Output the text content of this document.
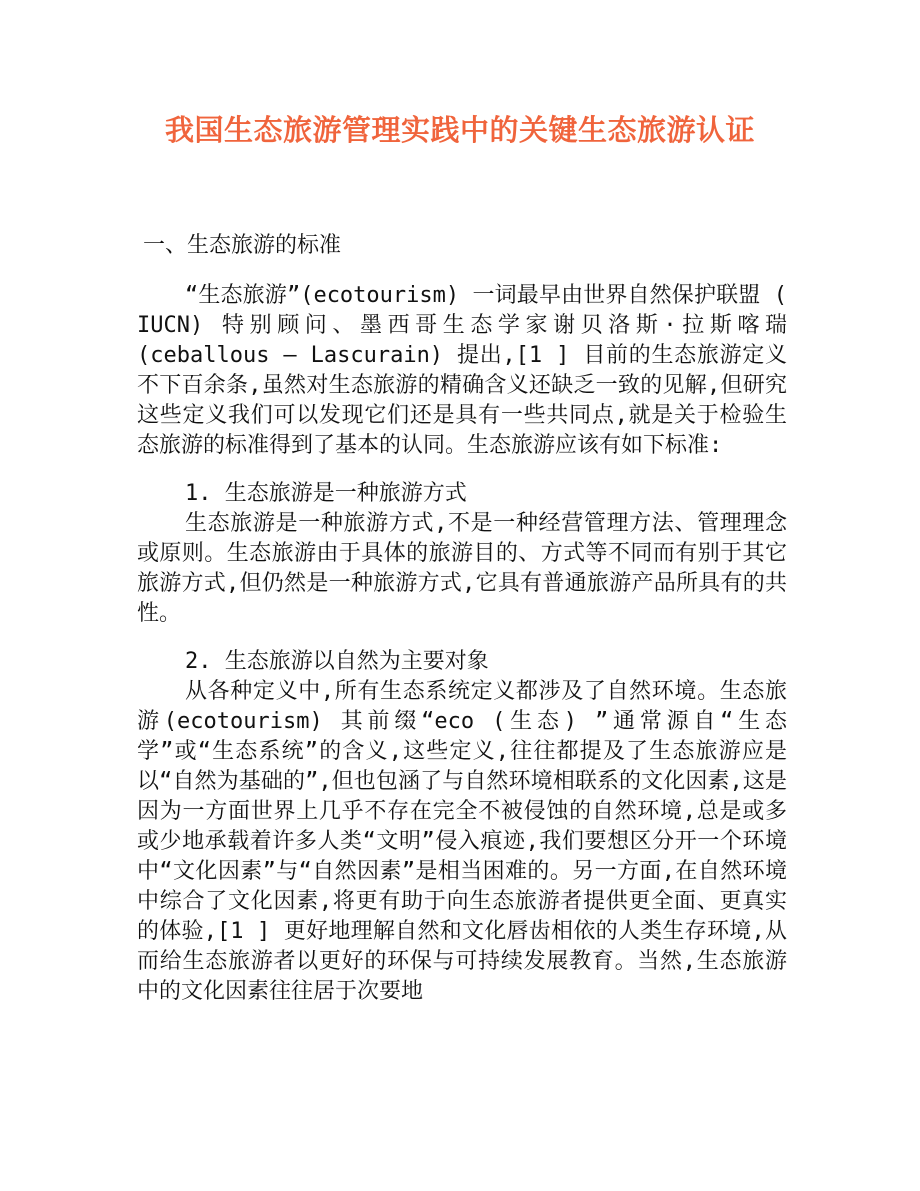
我国生态旅游管理实践中的关键生态旅游认证
一、生态旅游的标准

“生态旅游”(ecotourism) 一词最早由世界自然保护联盟 ( IUCN) 特别顾问、墨西哥生态学家谢贝洛斯·拉斯喀瑞 (ceballous – Lascurain) 提出,[1 ] 目前的生态旅游定义不下百余条,虽然对生态旅游的精确含义还缺乏一致的见解,但研究这些定义我们可以发现它们还是具有一些共同点,就是关于检验生态旅游的标准得到了基本的认同。生态旅游应该有如下标准:

1. 生态旅游是一种旅游方式

生态旅游是一种旅游方式,不是一种经营管理方法、管理理念或原则。生态旅游由于具体的旅游目的、方式等不同而有别于其它旅游方式,但仍然是一种旅游方式,它具有普通旅游产品所具有的共性。

2. 生态旅游以自然为主要对象

从各种定义中,所有生态系统定义都涉及了自然环境。生态旅游(ecotourism) 其前缀“eco (生态) ”通常源自“生态学”或“生态系统”的含义,这些定义,往往都提及了生态旅游应是以“自然为基础的”,但也包涵了与自然环境相联系的文化因素,这是因为一方面世界上几乎不存在完全不被侵蚀的自然环境,总是或多或少地承载着许多人类“文明”侵入痕迹,我们要想区分开一个环境中“文化因素”与“自然因素”是相当困难的。另一方面,在自然环境中综合了文化因素,将更有助于向生态旅游者提供更全面、更真实的体验,[1 ] 更好地理解自然和文化唇齿相依的人类生存环境,从而给生态旅游者以更好的环保与可持续发展教育。当然,生态旅游中的文化因素往往居于次要地
